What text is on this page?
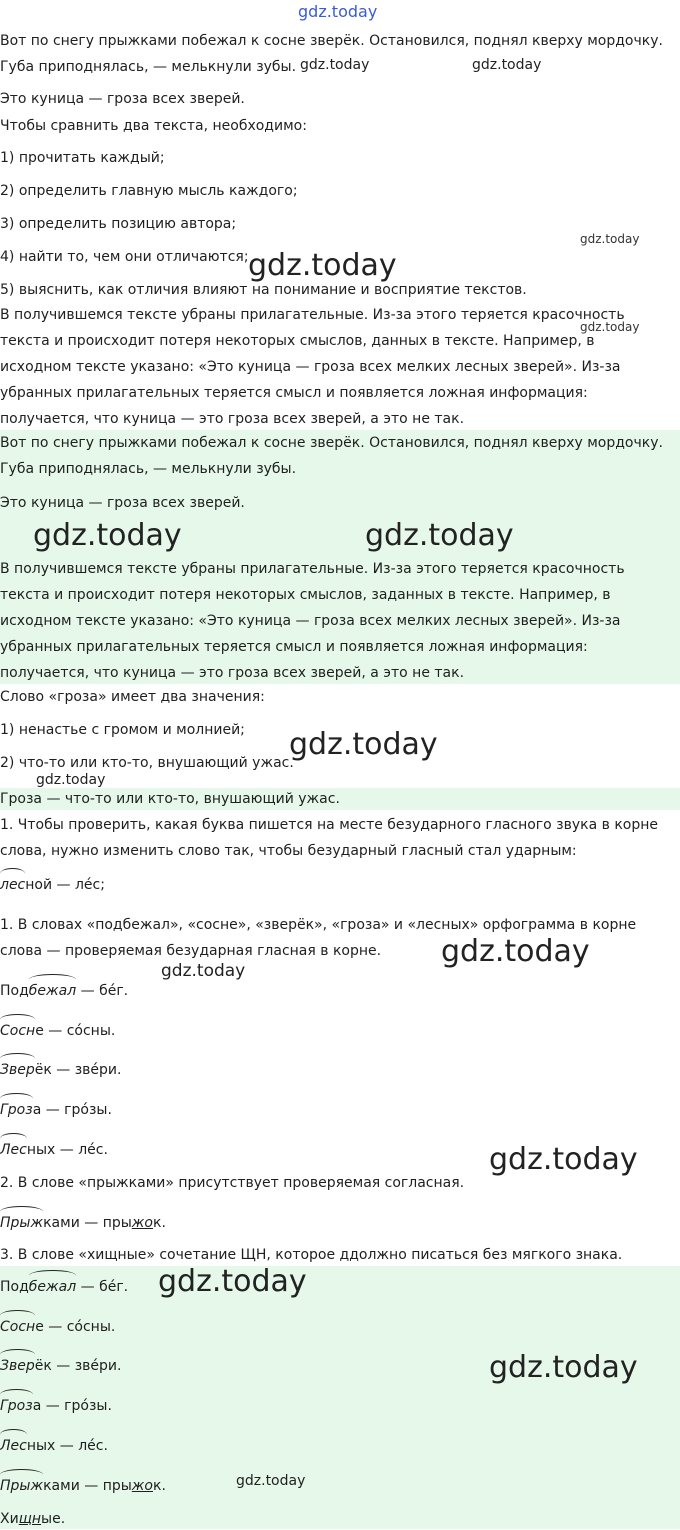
gdz.today
Вот по снегу прыжками побежал к сосне зверёк. Остановился, поднял кверху мордочку.
Губа приподнялась, — мелькнули зубы.
Это куница — гроза всех зверей.
Чтобы сравнить два текста, необходимо:
1) прочитать каждый;
2) определить главную мысль каждого;
3) определить позицию автора;
4) найти то, чем они отличаются;
5) выяснить, как отличия влияют на понимание и восприятие текстов.
В получившемся тексте убраны прилагательные. Из-за этого теряется красочность
текста и происходит потеря некоторых смыслов, данных в тексте. Например, в
исходном тексте указано: «Это куница — гроза всех мелких лесных зверей». Из-за
убранных прилагательных теряется смысл и появляется ложная информация:
получается, что куница — это гроза всех зверей, а это не так.
Вот по снегу прыжками побежал к сосне зверёк. Остановился, поднял кверху мордочку.
Губа приподнялась, — мелькнули зубы.
Это куница — гроза всех зверей.
В получившемся тексте убраны прилагательные. Из-за этого теряется красочность
текста и происходит потеря некоторых смыслов, заданных в тексте. Например, в
исходном тексте указано: «Это куница — гроза всех мелких лесных зверей». Из-за
убранных прилагательных теряется смысл и появляется ложная информация:
получается, что куница — это гроза всех зверей, а это не так.
Слово «гроза» имеет два значения:
1) ненастье с громом и молнией;
2) что-то или кто-то, внушающий ужас.
Гроза — что-то или кто-то, внушающий ужас.
1. Чтобы проверить, какая буква пишется на месте безударного гласного звука в корне
слова, нужно изменить слово так, чтобы безударный гласный стал ударным:
лесной — ле́с;
1. В словах «подбежал», «сосне», «зверёк», «гроза» и «лесных» орфограмма в корне
слова — проверяемая безударная гласная в корне.
Подбежал — бе́г.
Сосне — со́сны.
Зверёк — звéри.
Гроза — гро́зы.
Лесных — ле́с.
2. В слове «прыжками» присутствует проверяемая согласная.
Прыжками — прыжок.
3. В слове «хищные» сочетание ЩН, которое ддолжно писаться без мягкого знака.
Подбежал — бе́г.
Сосне — со́сны.
Зверёк — звéри.
Гроза — гро́зы.
Лесных — ле́с.
Прыжками — прыжок.
Хищные.
gdz.today	gdz.today
gdz.today
gdz.today
gdz.today
gdz.today	gdz.today
gdz.today
gdz.today
gdz.today
gdz.today
gdz.today
gdz.today
gdz.today
gdz.today
